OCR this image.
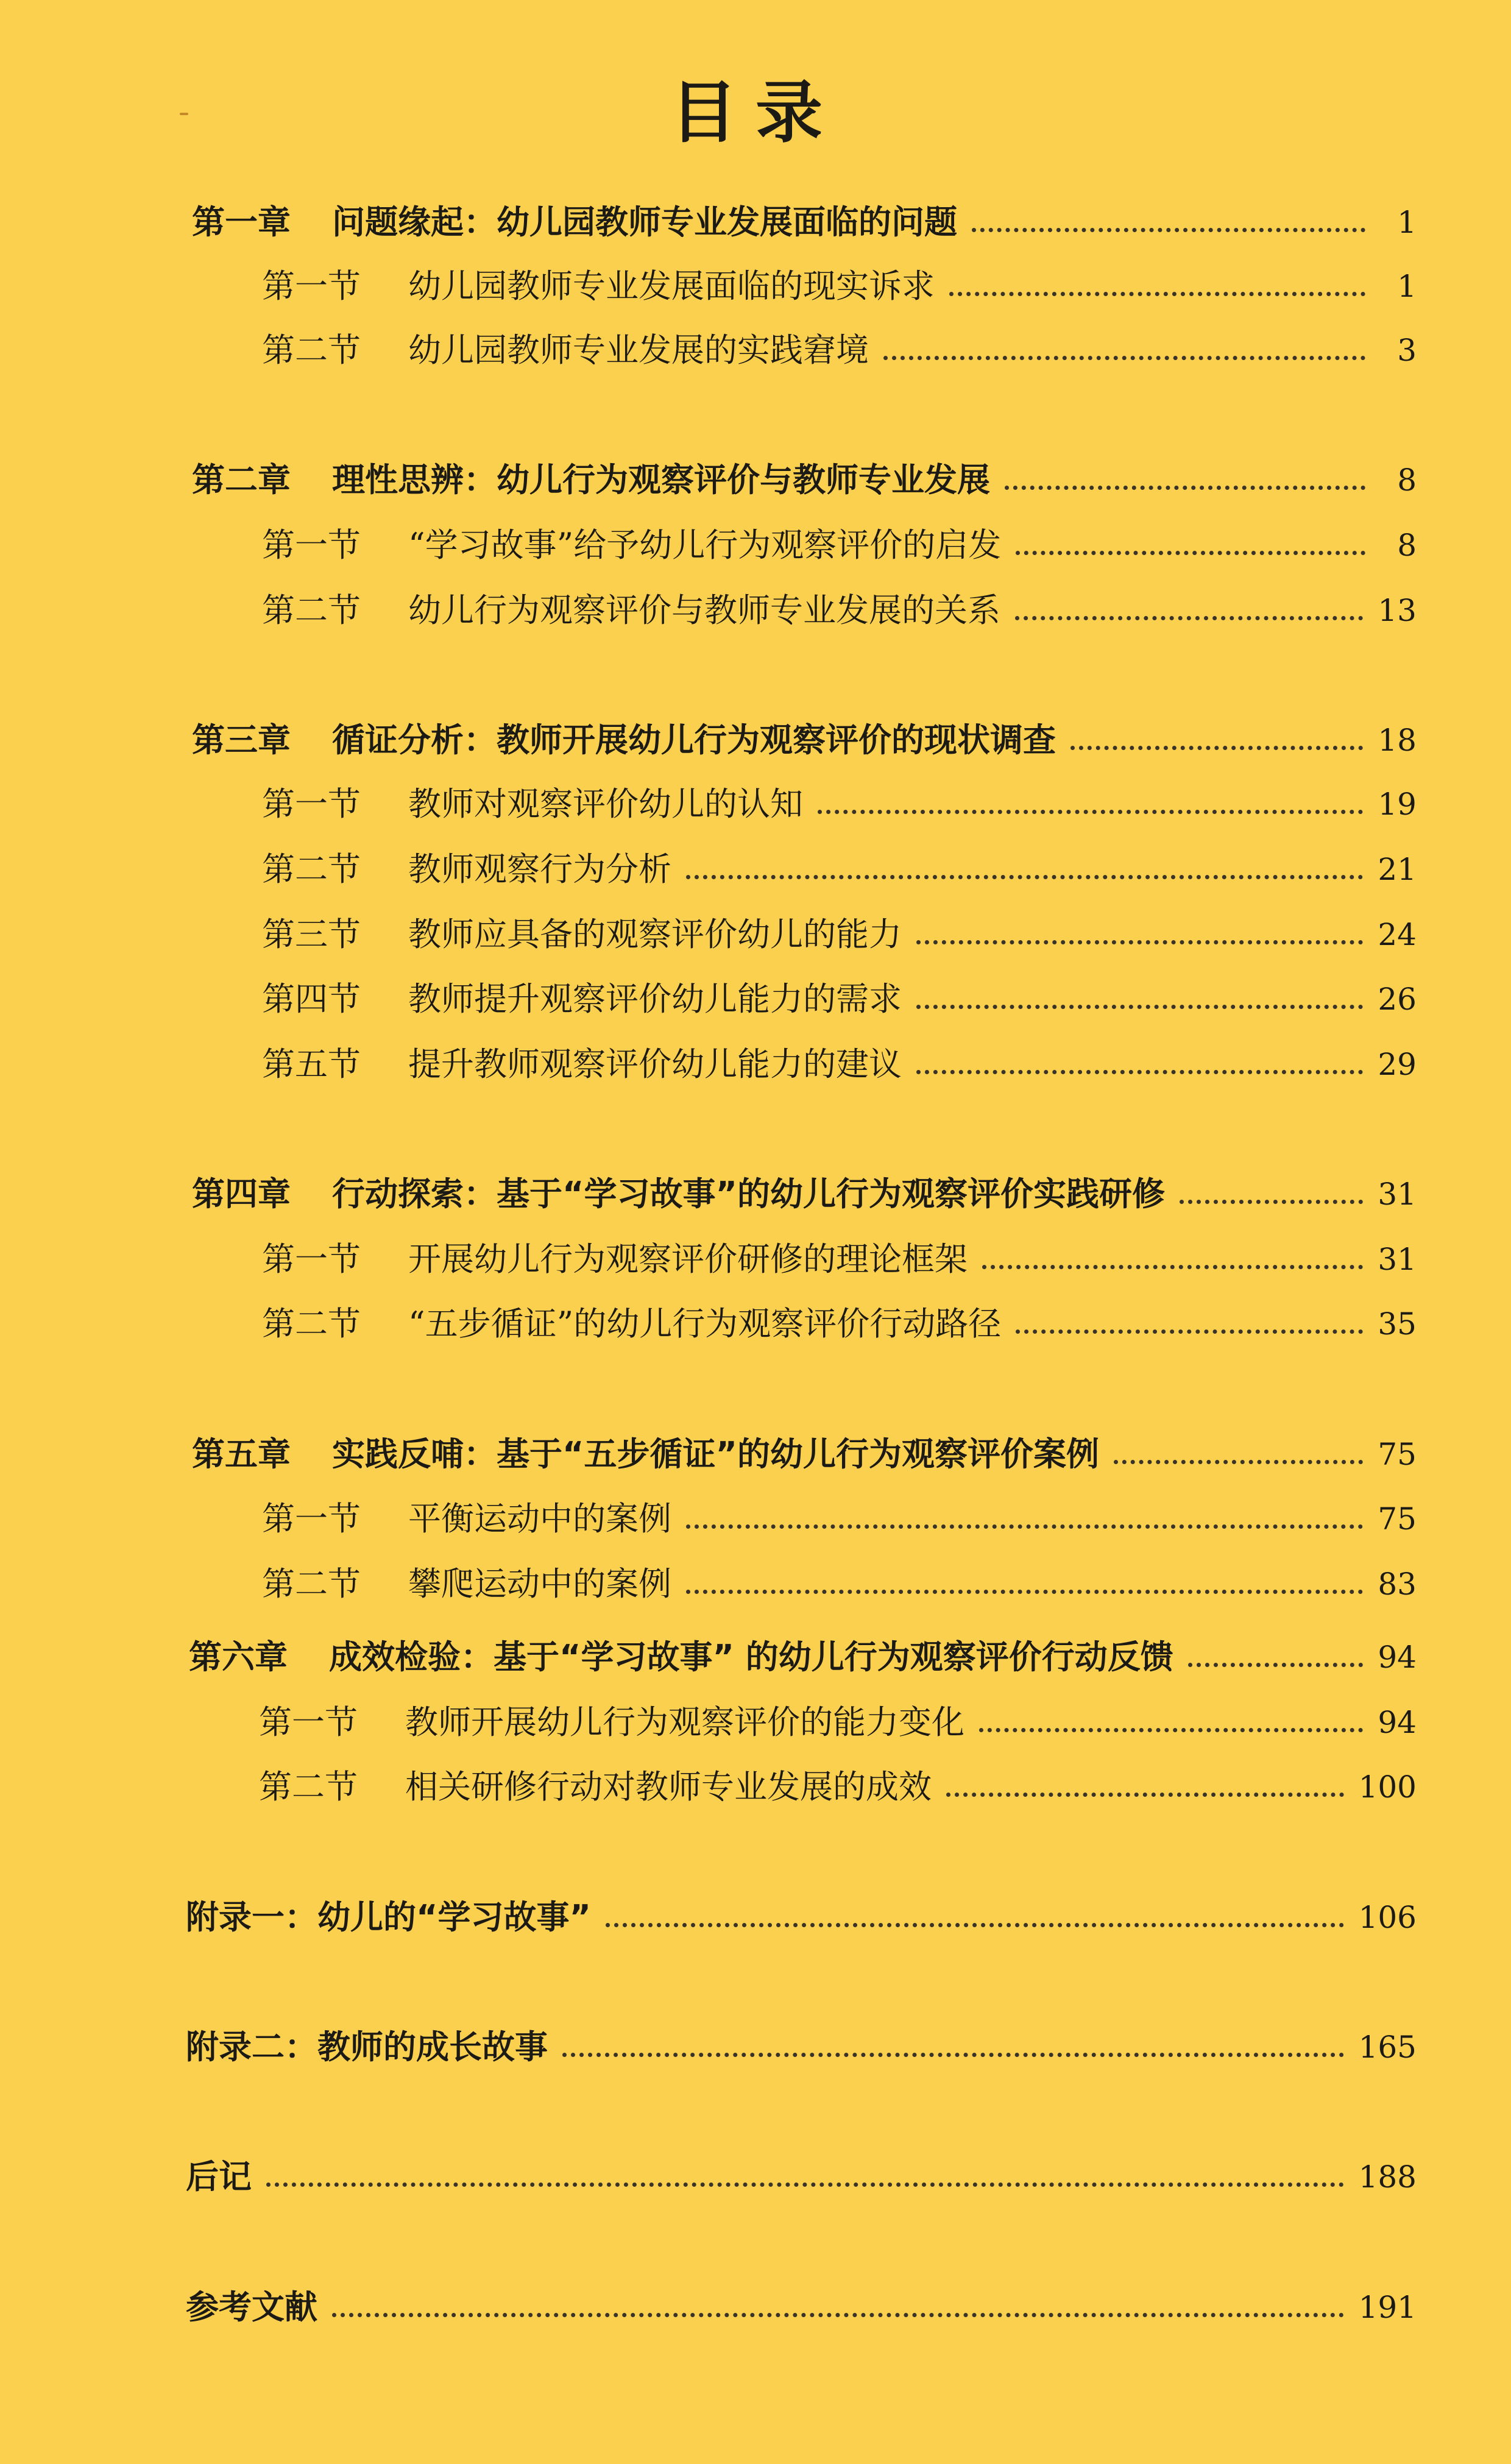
目录
第一章	问题缘起：幼儿园教师专业发展面临的问题	1
第一节	幼儿园教师专业发展面临的现实诉求	1
第二节	幼儿园教师专业发展的实践窘境	3
第二章	理性思辨：幼儿行为观察评价与教师专业发展	8
第一节	“学习故事”给予幼儿行为观察评价的启发	8
第二节	幼儿行为观察评价与教师专业发展的关系	13
第三章	循证分析：教师开展幼儿行为观察评价的现状调查	18
第一节	教师对观察评价幼儿的认知	19
第二节	教师观察行为分析	21
第三节	教师应具备的观察评价幼儿的能力	24
第四节	教师提升观察评价幼儿能力的需求	26
第五节	提升教师观察评价幼儿能力的建议	29
第四章	行动探索：基于“学习故事”的幼儿行为观察评价实践研修	31
第一节	开展幼儿行为观察评价研修的理论框架	31
第二节	“五步循证”的幼儿行为观察评价行动路径	35
第五章	实践反哺：基于“五步循证”的幼儿行为观察评价案例	75
第一节	平衡运动中的案例	75
第二节	攀爬运动中的案例	83
第六章	成效检验：基于“学习故事” 的幼儿行为观察评价行动反馈	94
第一节	教师开展幼儿行为观察评价的能力变化	94
第二节	相关研修行动对教师专业发展的成效	100
附录一：幼儿的“学习故事”	106
附录二：教师的成长故事	165
后记	188
参考文献	191
